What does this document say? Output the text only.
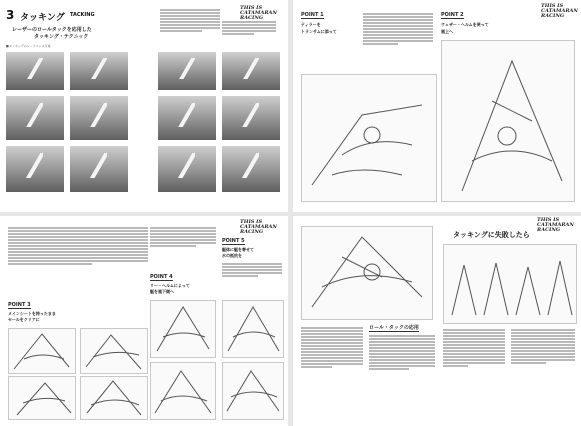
3 タッキング TACKING
レーザーのロールタックを応用した
タッキング・テクニック
■タッキングのシークエンス写真
THIS IS
CATAMARAN
RACING	POINT 1
ティラーを
トランサムに添って
POINT 2
ウェザー・ヘルムを使って
風上へ
THIS IS
CATAMARAN
RACING
POINT 3
メインシートを持ったまま
セールをクリアに
POINT 4
リー・ヘルムによって
艇を風下側へ
THIS IS
CATAMARAN
RACING
POINT 5
艇体に艇を寄せて
水の抵抗を
ロール・タックの応用
タッキングに失敗したら
THIS IS
CATAMARAN
RACING
